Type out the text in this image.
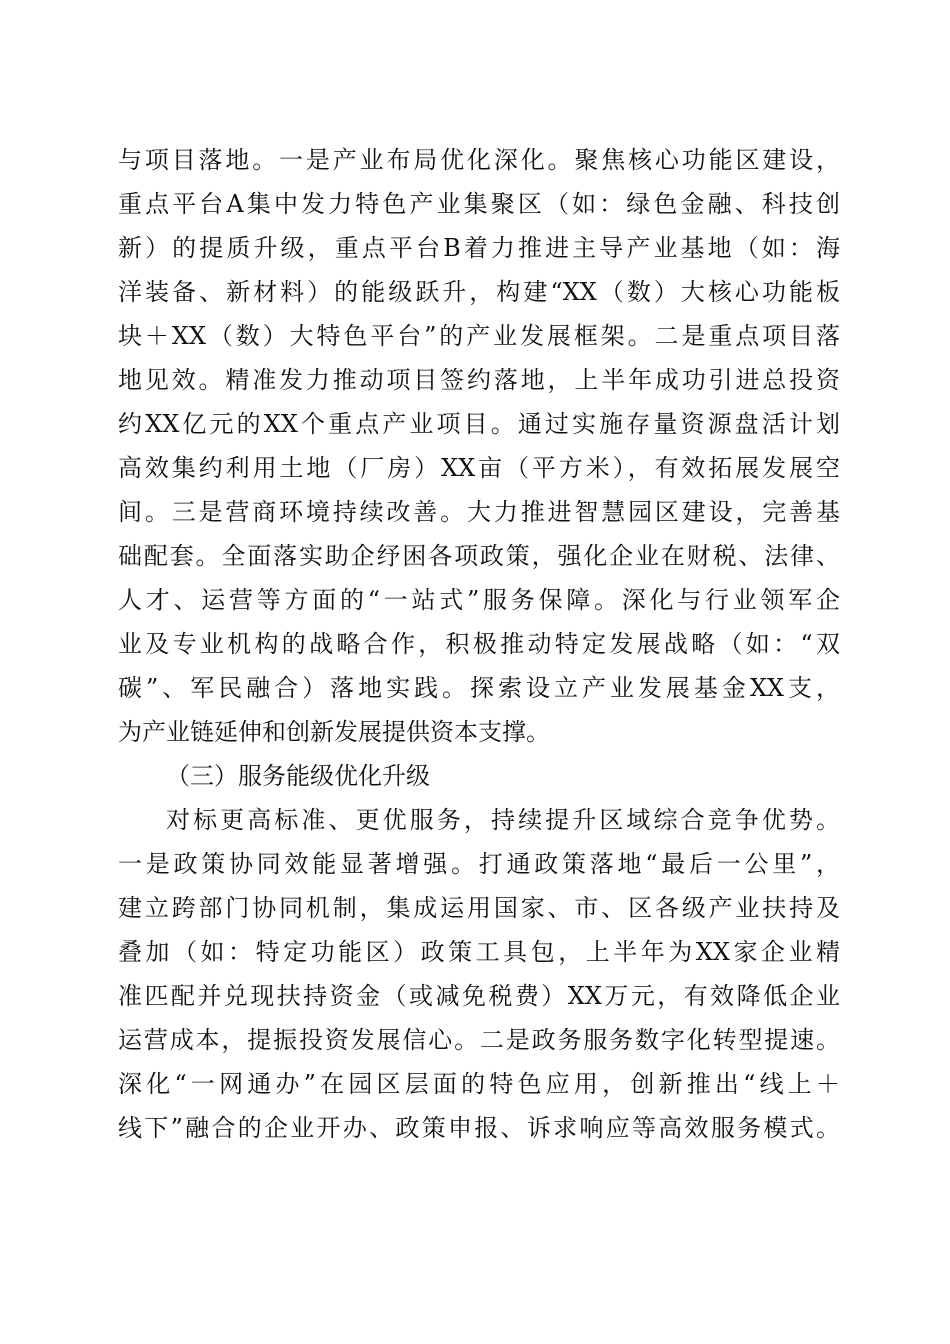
与项目落地。一是产业布局优化深化。聚焦核心功能区建设，
重点平台A集中发力特色产业集聚区（如：绿色金融、科技创
新）的提质升级，重点平台B着力推进主导产业基地（如：海
洋装备、新材料）的能级跃升，构建“XX（数）大核心功能板
块＋XX（数）大特色平台”的产业发展框架。二是重点项目落
地见效。精准发力推动项目签约落地，上半年成功引进总投资
约XX亿元的XX个重点产业项目。通过实施存量资源盘活计划
高效集约利用土地（厂房）XX亩（平方米），有效拓展发展空
间。三是营商环境持续改善。大力推进智慧园区建设，完善基
础配套。全面落实助企纾困各项政策，强化企业在财税、法律、
人才、运营等方面的“一站式”服务保障。深化与行业领军企
业及专业机构的战略合作，积极推动特定发展战略（如：“双
碳”、军民融合）落地实践。探索设立产业发展基金XX支，
为产业链延伸和创新发展提供资本支撑。
（三）服务能级优化升级
对标更高标准、更优服务，持续提升区域综合竞争优势。
一是政策协同效能显著增强。打通政策落地“最后一公里”，
建立跨部门协同机制，集成运用国家、市、区各级产业扶持及
叠加（如：特定功能区）政策工具包，上半年为XX家企业精
准匹配并兑现扶持资金（或减免税费）XX万元，有效降低企业
运营成本，提振投资发展信心。二是政务服务数字化转型提速。
深化“一网通办”在园区层面的特色应用，创新推出“线上＋
线下”融合的企业开办、政策申报、诉求响应等高效服务模式。
